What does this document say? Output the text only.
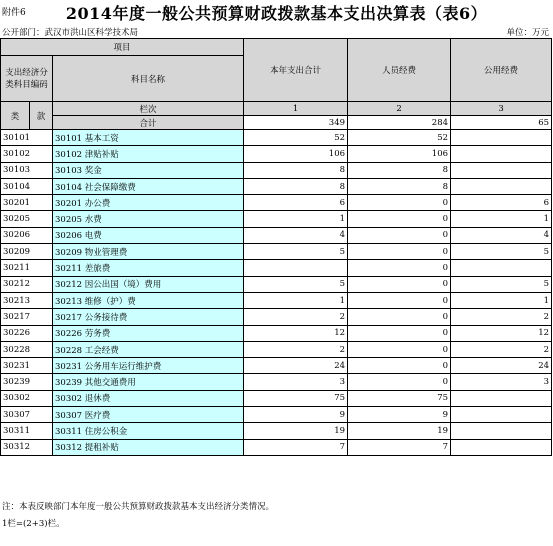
附件6	2014年度一般公共预算财政拨款基本支出决算表（表6）
公开部门：武汉市洪山区科学技术局	单位：万元
项目			本年支出合计	人员经费	公用经费
支出经济分类科目编码		科目名称			

类	款	栏次	1	2	3
		合计	349	284	65
30101		30101 基本工资	52	52	
30102		30102 津贴补贴	106	106	
30103		30103 奖金	8	8	
30104		30104 社会保障缴费	8	8	
30201		30201 办公费	6	0	6
30205		30205 水费	1	0	1
30206		30206 电费	4	0	4
30209		30209 物业管理费	5	0	5
30211		30211 差旅费		0	
30212		30212 因公出国（境）费用	5	0	5
30213		30213 维修（护）费	1	0	1
30217		30217 公务接待费	2	0	2
30226		30226 劳务费	12	0	12
30228		30228 工会经费	2	0	2
30231		30231 公务用车运行维护费	24	0	24
30239		30239 其他交通费用	3	0	3
30302		30302 退休费	75	75	
30307		30307 医疗费	9	9	
30311		30311 住房公积金	19	19	
30312		30312 提租补贴	7	7	
注：本表反映部门本年度一般公共预算财政拨款基本支出经济分类情况。
1栏=(2+3)栏。
